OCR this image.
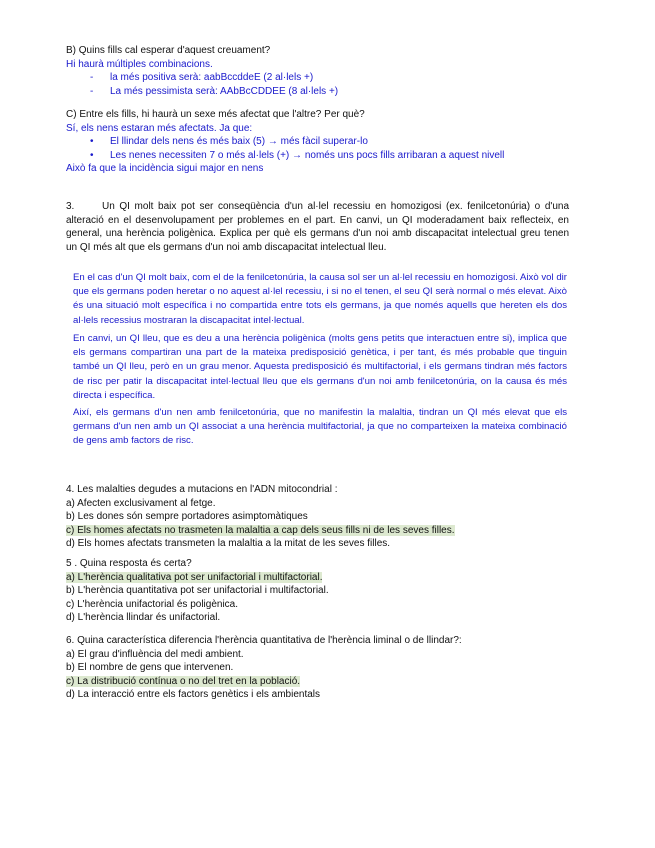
B) Quins fills cal esperar d'aquest creuament?
Hi haurà múltiples combinacions.
- la més positiva serà: aabBccddeE (2 al·lels +)
- La més pessimista serà: AAbBcCDDEE (8 al·lels +)
C) Entre els fills, hi haurà un sexe més afectat que l'altre? Per què?
Sí, els nens estaran més afectats. Ja que:
• El llindar dels nens és més baix (5) → més fàcil superar-lo
• Les nenes necessiten 7 o més al·lels (+) → només uns pocs fills arribaran a aquest nivell
Això fa que la incidència sigui major en nens
3.	Un QI molt baix pot ser conseqüència d'un al·lel recessiu en homozigosi (ex. fenilcetonúria) o d'una alteració en el desenvolupament per problemes en el part. En canvi, un QI moderadament baix reflecteix, en general, una herència poligènica. Explica per què els germans d'un noi amb discapacitat intelectual greu tenen un QI més alt que els germans d'un noi amb discapacitat intelectual lleu.
En el cas d'un QI molt baix, com el de la fenilcetonúria, la causa sol ser un al·lel recessiu en homozigosi. Això vol dir que els germans poden heretar o no aquest al·lel recessiu, i si no el tenen, el seu QI serà normal o més elevat. Això és una situació molt específica i no compartida entre tots els germans, ja que només aquells que hereten els dos al·lels recessius mostraran la discapacitat intel·lectual.
En canvi, un QI lleu, que es deu a una herència poligènica (molts gens petits que interactuen entre si), implica que els germans compartiran una part de la mateixa predisposició genètica, i per tant, és més probable que tinguin també un QI lleu, però en un grau menor. Aquesta predisposició és multifactorial, i els germans tindran més factors de risc per patir la discapacitat intel·lectual lleu que els germans d'un noi amb fenilcetonúria, on la causa és més directa i específica.
Així, els germans d'un nen amb fenilcetonúria, que no manifestin la malaltia, tindran un QI més elevat que els germans d'un nen amb un QI associat a una herència multifactorial, ja que no comparteixen la mateixa combinació de gens amb factors de risc.
4. Les malalties degudes a mutacions en l'ADN mitocondrial :
a) Afecten exclusivament al fetge.
b) Les dones són sempre portadores asimptomàtiques
c) Els homes afectats no trasmeten la malaltia a cap dels seus fills ni de les seves filles.
d) Els homes afectats transmeten la malaltia a la mitat de les seves filles.
5 . Quina resposta és certa?
a) L'herència qualitativa pot ser unifactorial i multifactorial.
b) L'herència quantitativa pot ser unifactorial i multifactorial.
c) L'herència unifactorial és poligènica.
d) L'herència llindar és unifactorial.
6. Quina característica diferencia l'herència quantitativa de l'herència liminal o de llindar?:
a) El grau d'influència del medi ambient.
b) El nombre de gens que intervenen.
c) La distribució contínua o no del tret en la població.
d) La interacció entre els factors genètics i els ambientals
